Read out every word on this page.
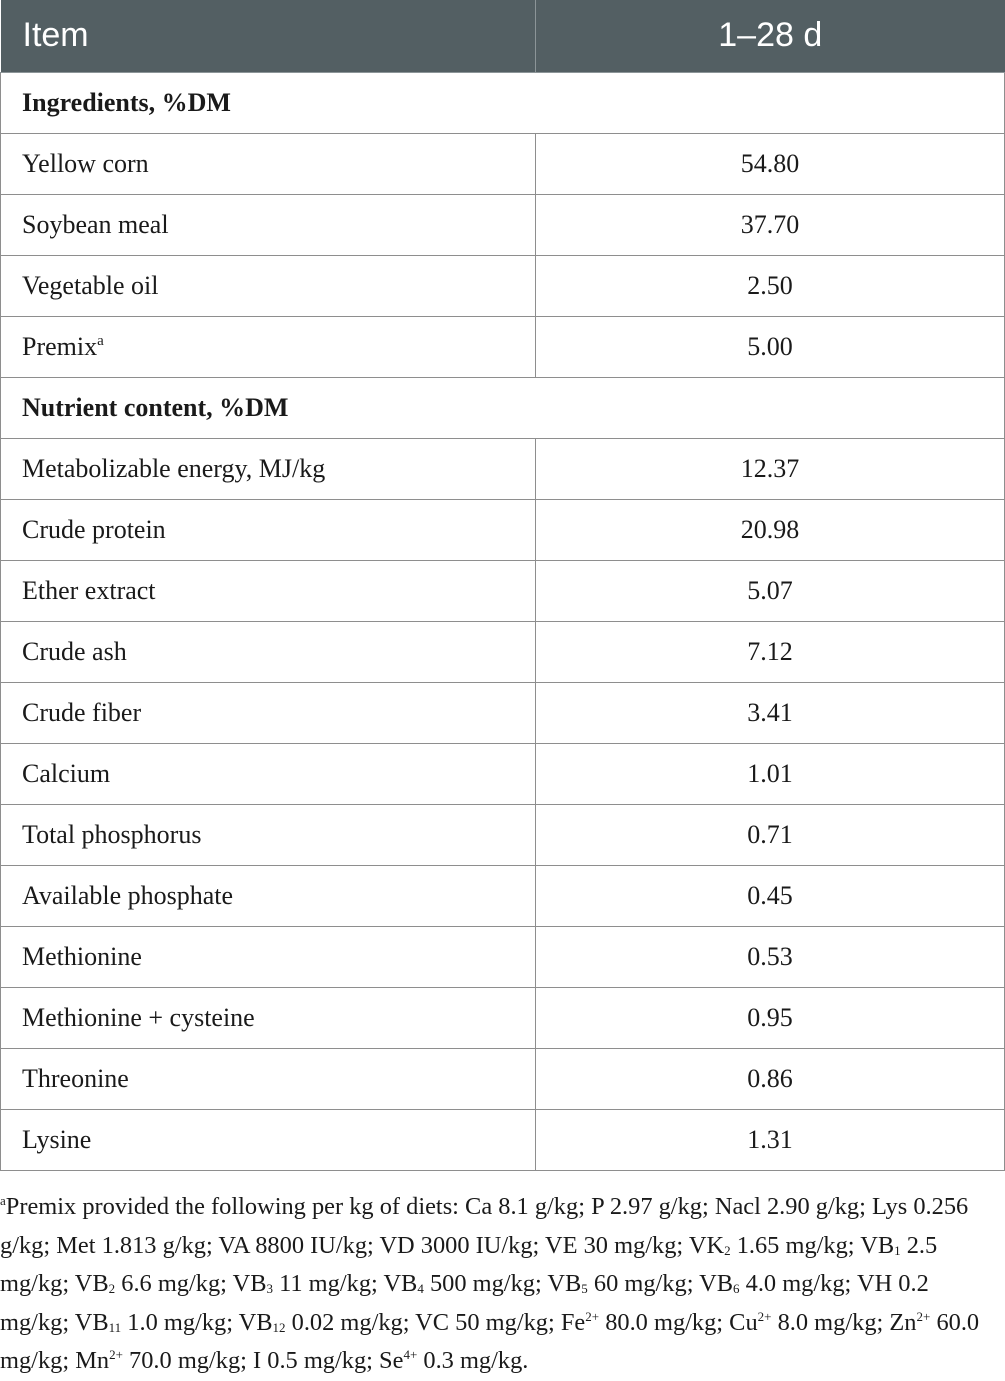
Item	1–28 d
Ingredients, %DM	
Yellow corn	54.80
Soybean meal	37.70
Vegetable oil	2.50
Premix$^a$	5.00
Nutrient content, %DM	
Metabolizable energy, MJ/kg	12.37
Crude protein	20.98
Ether extract	5.07
Crude ash	7.12
Crude fiber	3.41
Calcium	1.01
Total phosphorus	0.71
Available phosphate	0.45
Methionine	0.53
Methionine + cysteine	0.95
Threonine	0.86
Lysine	1.31
$^a$Premix provided the following per kg of diets: Ca 8.1 g/kg; P 2.97 g/kg; Nacl 2.90 g/kg; Lys 0.256 g/kg; Met 1.813 g/kg; VA 8800 IU/kg; VD 3000 IU/kg; VE 30 mg/kg; $VK_2$ 1.65 mg/kg; $VB_1$ 2.5 mg/kg; $VB_2$ 6.6 mg/kg; $VB_3$ 11 mg/kg; $VB_4$ 500 mg/kg; $VB_5$ 60 mg/kg; $VB_6$ 4.0 mg/kg; VH 0.2 mg/kg; $VB_{11}$ 1.0 mg/kg; $VB_{12}$ 0.02 mg/kg; VC 50 mg/kg; $Fe^{2+}$ 80.0 mg/kg; $Cu^{2+}$ 8.0 mg/kg; $Zn^{2+}$ 60.0 mg/kg; $Mn^{2+}$ 70.0 mg/kg; I 0.5 mg/kg; $Se^{4+}$ 0.3 mg/kg.
